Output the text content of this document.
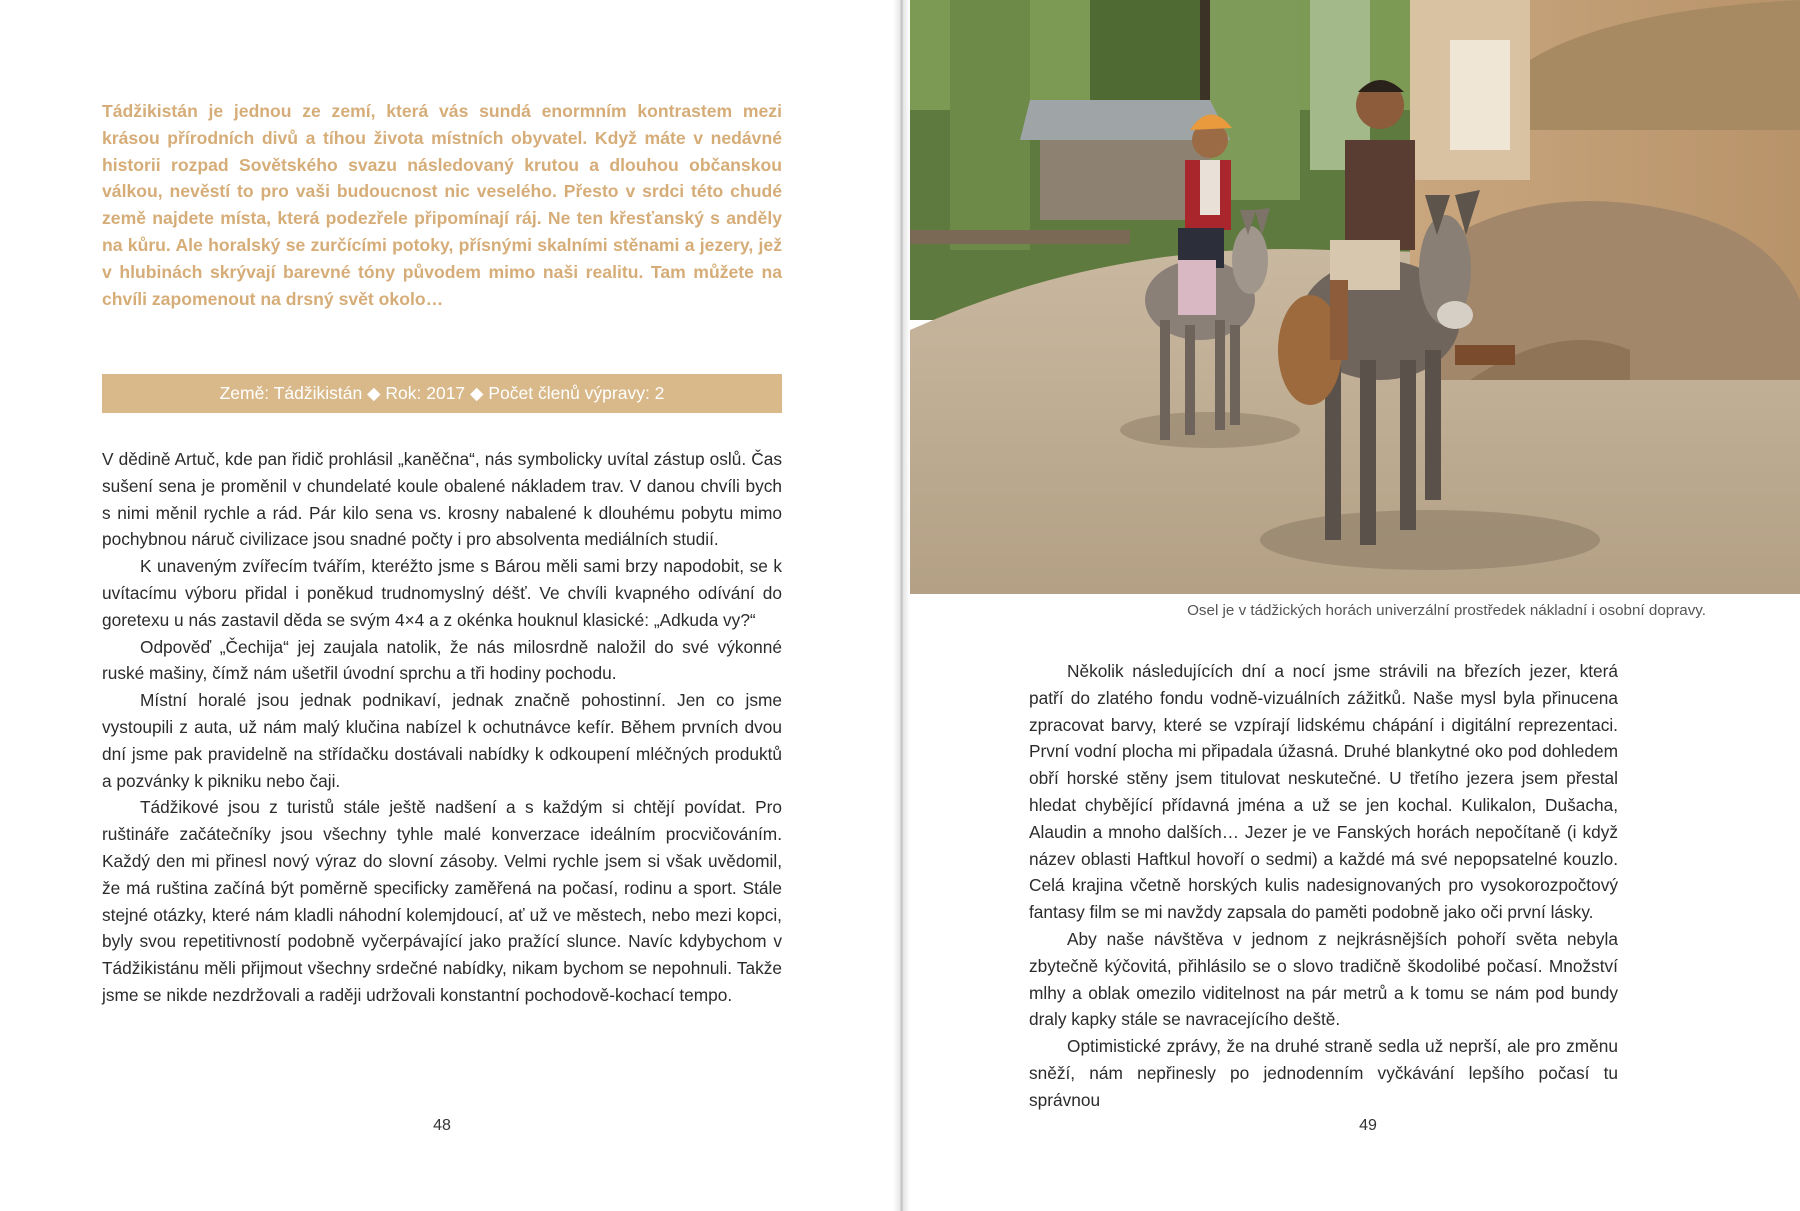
Tádžikistán je jednou ze zemí, která vás sundá enormním kontrastem mezi krásou přírodních divů a tíhou života místních obyvatel. Když máte v nedávné historii rozpad Sovětského svazu následovaný krutou a dlouhou občanskou válkou, nevěstí to pro vaši budoucnost nic veselého. Přesto v srdci této chudé země najdete místa, která podezřele připomínají ráj. Ne ten křesťanský s anděly na kůru. Ale horalský se zurčícími potoky, přísnými skalními stěnami a jezery, jež v hlubinách skrývají barevné tóny původem mimo naši realitu. Tam můžete na chvíli zapomenout na drsný svět okolo…

Země: Tádžikistán ◆ Rok: 2017 ◆ Počet členů výpravy: 2

V dědině Artuč, kde pan řidič prohlásil „kaněčna“, nás symbolicky uvítal zástup oslů. Čas sušení sena je proměnil v chundelaté koule obalené nákladem trav. V danou chvíli bych s nimi měnil rychle a rád. Pár kilo sena vs. krosny nabalené k dlouhému pobytu mimo pochybnou náruč civilizace jsou snadné počty i pro absolventa mediálních studií.

K unaveným zvířecím tvářím, kteréžto jsme s Bárou měli sami brzy napodobit, se k uvítacímu výboru přidal i poněkud trudnomyslný déšť. Ve chvíli kvapného odívání do goretexu u nás zastavil děda se svým 4×4 a z okénka houknul klasické: „Adkuda vy?“

Odpověď „Čechija“ jej zaujala natolik, že nás milosrdně naložil do své výkonné ruské mašiny, čímž nám ušetřil úvodní sprchu a tři hodiny pochodu.

Místní horalé jsou jednak podnikaví, jednak značně pohostinní. Jen co jsme vystoupili z auta, už nám malý klučina nabízel k ochutnávce kefír. Během prvních dvou dní jsme pak pravidelně na střídačku dostávali nabídky k odkoupení mléčných produktů a pozvánky k pikniku nebo čaji.

Tádžikové jsou z turistů stále ještě nadšení a s každým si chtějí povídat. Pro ruštináře začátečníky jsou všechny tyhle malé konverzace ideálním procvičováním. Každý den mi přinesl nový výraz do slovní zásoby. Velmi rychle jsem si však uvědomil, že má ruština začíná být poměrně specificky zaměřená na počasí, rodinu a sport. Stále stejné otázky, které nám kladli náhodní kolemjdoucí, ať už ve městech, nebo mezi kopci, byly svou repetitivností podobně vyčerpávající jako pražící slunce. Navíc kdybychom v Tádžikistánu měli přijmout všechny srdečné nabídky, nikam bychom se nepohnuli. Takže jsme se nikde nezdržovali a raději udržovali konstantní pochodově-kochací tempo.

48
Osel je v tádžických horách univerzální prostředek nákladní i osobní dopravy.

Několik následujících dní a nocí jsme strávili na březích jezer, která patří do zlatého fondu vodně-vizuálních zážitků. Naše mysl byla přinucena zpracovat barvy, které se vzpírají lidskému chápání i digitální reprezentaci. První vodní plocha mi připadala úžasná. Druhé blankytné oko pod dohledem obří horské stěny jsem titulovat neskutečné. U třetího jezera jsem přestal hledat chybějící přídavná jména a už se jen kochal. Kulikalon, Dušacha, Alaudin a mnoho dalších… Jezer je ve Fanských horách nepočítaně (i když název oblasti Haftkul hovoří o sedmi) a každé má své nepopsatelné kouzlo. Celá krajina včetně horských kulis nadesignovaných pro vysokorozpočtový fantasy film se mi navždy zapsala do paměti podobně jako oči první lásky.

Aby naše návštěva v jednom z nejkrásnějších pohoří světa nebyla zbytečně kýčovitá, přihlásilo se o slovo tradičně škodolibé počasí. Množství mlhy a oblak omezilo viditelnost na pár metrů a k tomu se nám pod bundy draly kapky stále se navracejícího deště.

Optimistické zprávy, že na druhé straně sedla už neprší, ale pro změnu sněží, nám nepřinesly po jednodenním vyčkávání lepšího počasí tu správnou

49
